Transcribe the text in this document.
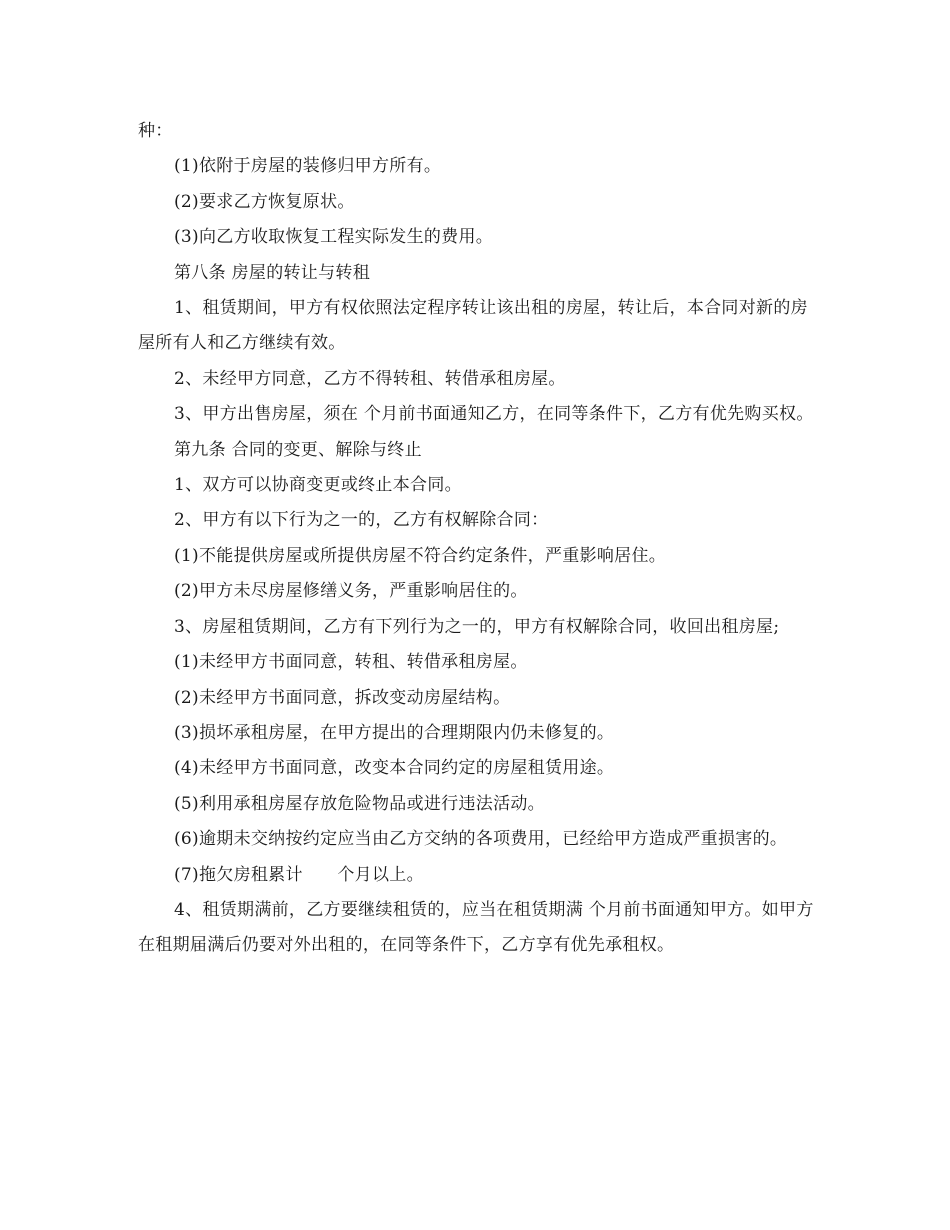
种：

(1)依附于房屋的装修归甲方所有。

(2)要求乙方恢复原状。

(3)向乙方收取恢复工程实际发生的费用。

第八条 房屋的转让与转租

1、租赁期间，甲方有权依照法定程序转让该出租的房屋，转让后，本合同对新的房屋所有人和乙方继续有效。

2、未经甲方同意，乙方不得转租、转借承租房屋。

3、甲方出售房屋，须在 个月前书面通知乙方，在同等条件下，乙方有优先购买权。

第九条 合同的变更、解除与终止

1、双方可以协商变更或终止本合同。

2、甲方有以下行为之一的，乙方有权解除合同：

(1)不能提供房屋或所提供房屋不符合约定条件，严重影响居住。

(2)甲方未尽房屋修缮义务，严重影响居住的。

3、房屋租赁期间，乙方有下列行为之一的，甲方有权解除合同，收回出租房屋;

(1)未经甲方书面同意，转租、转借承租房屋。

(2)未经甲方书面同意，拆改变动房屋结构。

(3)损坏承租房屋，在甲方提出的合理期限内仍未修复的。

(4)未经甲方书面同意，改变本合同约定的房屋租赁用途。

(5)利用承租房屋存放危险物品或进行违法活动。

(6)逾期未交纳按约定应当由乙方交纳的各项费用，已经给甲方造成严重损害的。

(7)拖欠房租累计　　个月以上。

4、租赁期满前，乙方要继续租赁的，应当在租赁期满 个月前书面通知甲方。如甲方在租期届满后仍要对外出租的，在同等条件下，乙方享有优先承租权。
